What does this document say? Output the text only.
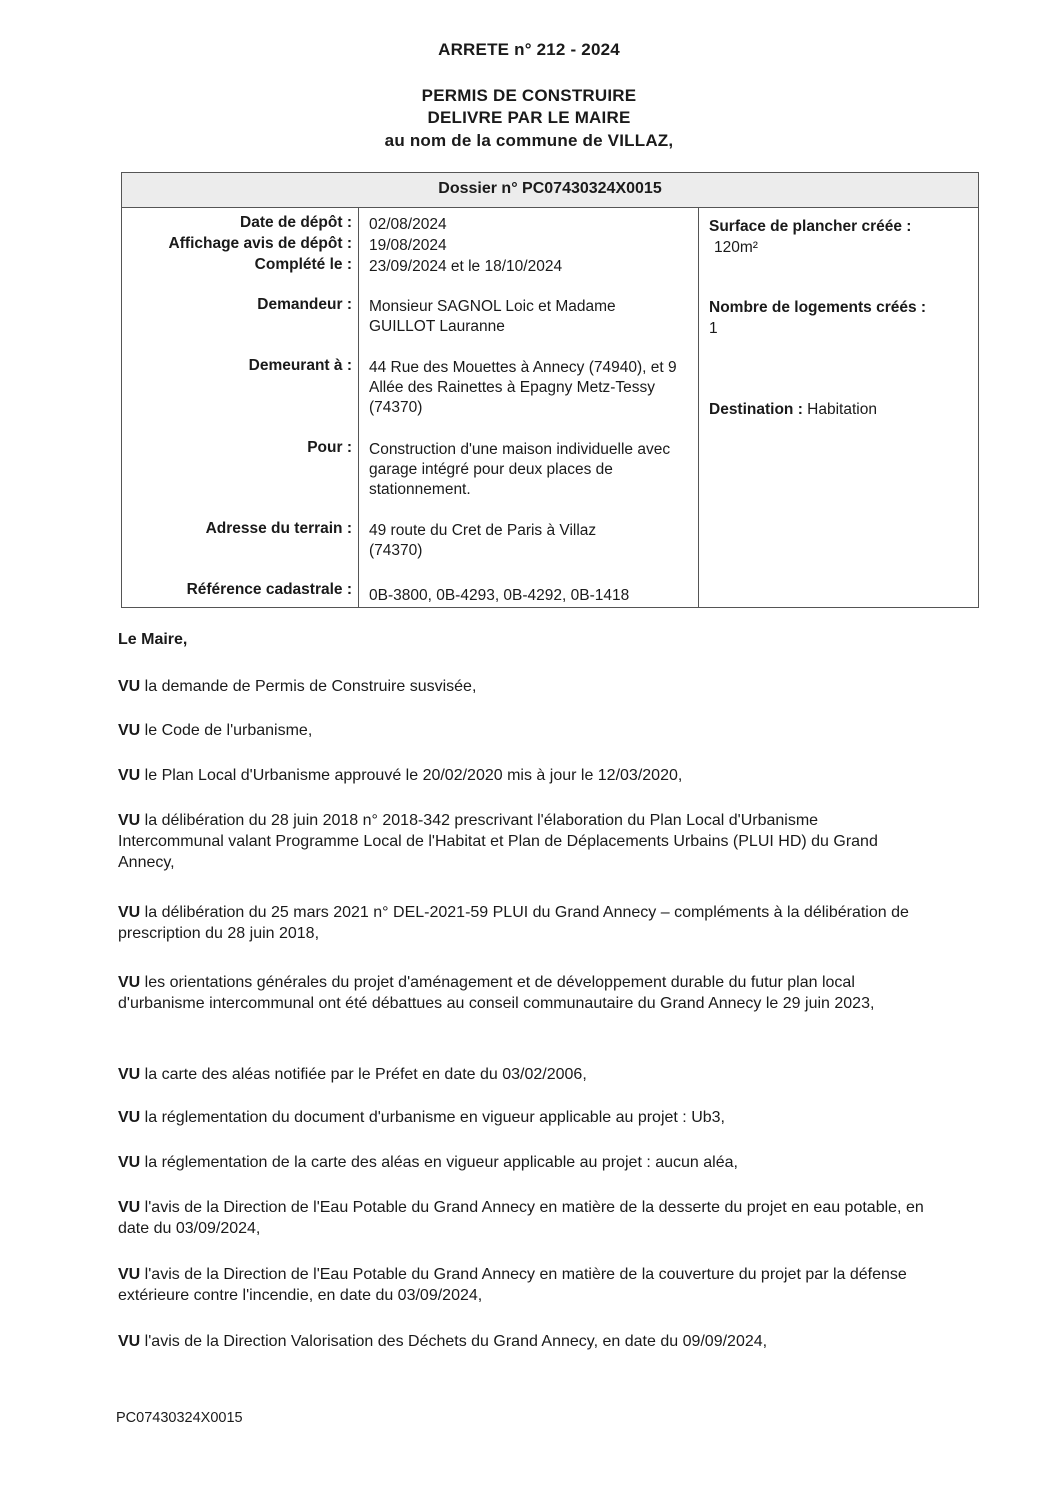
ARRETE n° 212 - 2024
PERMIS DE CONSTRUIRE
DELIVRE PAR LE MAIRE
au nom de la commune de VILLAZ,
Dossier n° PC07430324X0015
Date de dépôt :
Affichage avis de dépôt :
Complété le :
Demandeur :
Demeurant à :
Pour :
Adresse du terrain :
Référence cadastrale :
02/08/2024
19/08/2024
23/09/2024 et le 18/10/2024
Monsieur SAGNOL Loic et Madame GUILLOT Lauranne
44 Rue des Mouettes à Annecy (74940), et 9 Allée des Rainettes à Epagny Metz-Tessy (74370)
Construction d'une maison individuelle avec garage intégré pour deux places de stationnement.
49 route du Cret de Paris à Villaz (74370)
0B-3800, 0B-4293, 0B-4292, 0B-1418
Surface de plancher créée :
120m²
Nombre de logements créés :
1
Destination : Habitation
Le Maire,
VU la demande de Permis de Construire susvisée,
VU le Code de l'urbanisme,
VU le Plan Local d'Urbanisme approuvé le 20/02/2020 mis à jour le 12/03/2020,
VU la délibération du 28 juin 2018 n° 2018-342 prescrivant l'élaboration du Plan Local d'Urbanisme Intercommunal valant Programme Local de l'Habitat et Plan de Déplacements Urbains (PLUI HD) du Grand Annecy,
VU la délibération du 25 mars 2021 n° DEL-2021-59 PLUI du Grand Annecy – compléments à la délibération de prescription du 28 juin 2018,
VU les orientations générales du projet d'aménagement et de développement durable du futur plan local d'urbanisme intercommunal ont été débattues au conseil communautaire du Grand Annecy le 29 juin 2023,
VU la carte des aléas notifiée par le Préfet en date du 03/02/2006,
VU la réglementation du document d'urbanisme en vigueur applicable au projet : Ub3,
VU la réglementation de la carte des aléas en vigueur applicable au projet : aucun aléa,
VU l'avis de la Direction de l'Eau Potable du Grand Annecy en matière de la desserte du projet en eau potable, en date du 03/09/2024,
VU l'avis de la Direction de l'Eau Potable du Grand Annecy en matière de la couverture du projet par la défense extérieure contre l'incendie, en date du 03/09/2024,
VU l'avis de la Direction Valorisation des Déchets du Grand Annecy, en date du 09/09/2024,
PC07430324X0015
